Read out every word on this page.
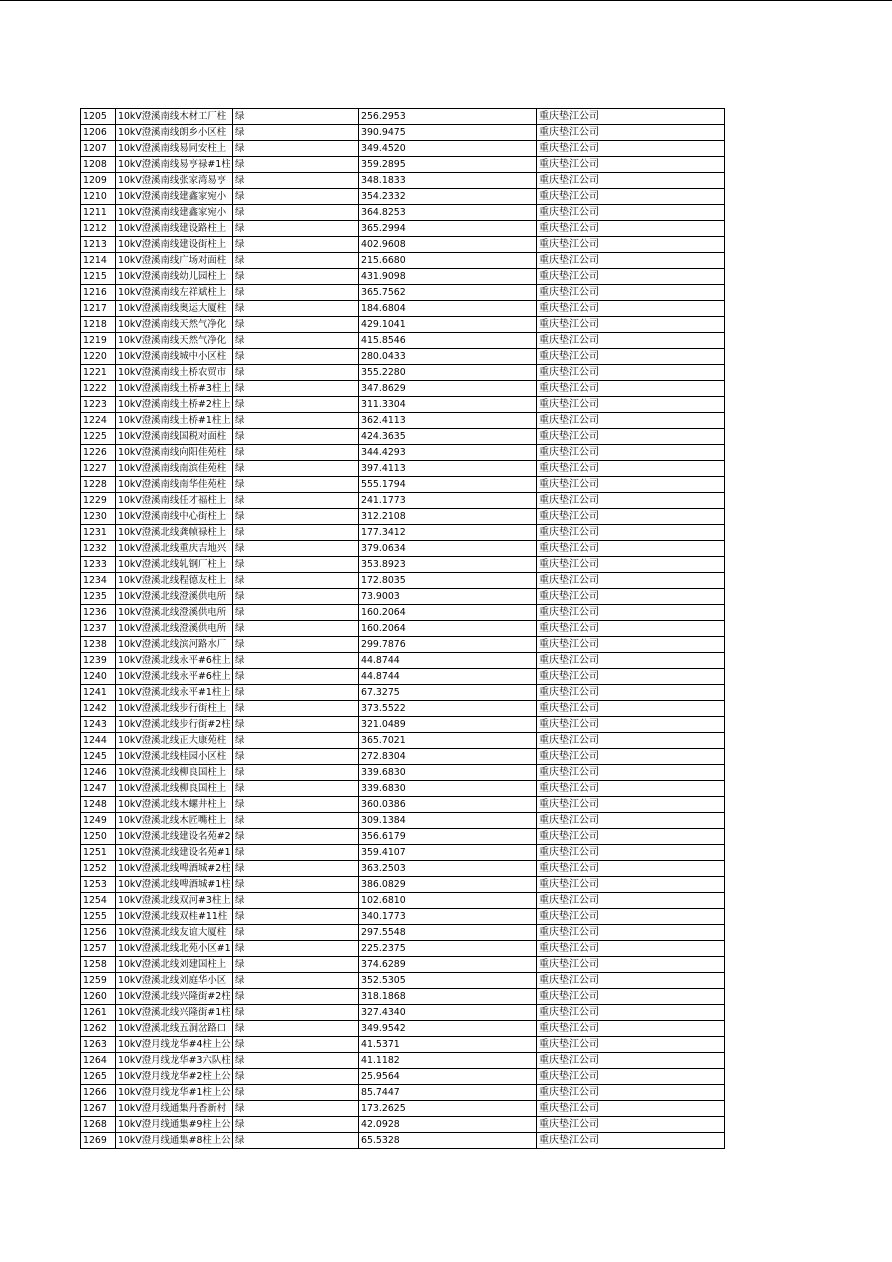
1205	10kV澄溪南线木材工厂柱	绿	256.2953	重庆垫江公司
1206	10kV澄溪南线朗乡小区柱	绿	390.9475	重庆垫江公司
1207	10kV澄溪南线易同安柱上	绿	349.4520	重庆垫江公司
1208	10kV澄溪南线易亨禄#1柱	绿	359.2895	重庆垫江公司
1209	10kV澄溪南线张家湾易亨	绿	348.1833	重庆垫江公司
1210	10kV澄溪南线建鑫家宛小	绿	354.2332	重庆垫江公司
1211	10kV澄溪南线建鑫家宛小	绿	364.8253	重庆垫江公司
1212	10kV澄溪南线建设路柱上	绿	365.2994	重庆垫江公司
1213	10kV澄溪南线建设街柱上	绿	402.9608	重庆垫江公司
1214	10kV澄溪南线广场对面柱	绿	215.6680	重庆垫江公司
1215	10kV澄溪南线幼儿园柱上	绿	431.9098	重庆垫江公司
1216	10kV澄溪南线左祥斌柱上	绿	365.7562	重庆垫江公司
1217	10kV澄溪南线奥运大厦柱	绿	184.6804	重庆垫江公司
1218	10kV澄溪南线天然气净化	绿	429.1041	重庆垫江公司
1219	10kV澄溪南线天然气净化	绿	415.8546	重庆垫江公司
1220	10kV澄溪南线城中小区柱	绿	280.0433	重庆垫江公司
1221	10kV澄溪南线土桥农贸市	绿	355.2280	重庆垫江公司
1222	10kV澄溪南线土桥#3柱上	绿	347.8629	重庆垫江公司
1223	10kV澄溪南线土桥#2柱上	绿	311.3304	重庆垫江公司
1224	10kV澄溪南线土桥#1柱上	绿	362.4113	重庆垫江公司
1225	10kV澄溪南线国税对面柱	绿	424.3635	重庆垫江公司
1226	10kV澄溪南线向阳佳苑柱	绿	344.4293	重庆垫江公司
1227	10kV澄溪南线南滨佳苑柱	绿	397.4113	重庆垫江公司
1228	10kV澄溪南线南华佳苑柱	绿	555.1794	重庆垫江公司
1229	10kV澄溪南线任才福柱上	绿	241.1773	重庆垫江公司
1230	10kV澄溪南线中心街柱上	绿	312.2108	重庆垫江公司
1231	10kV澄溪北线龚帧禄柱上	绿	177.3412	重庆垫江公司
1232	10kV澄溪北线重庆吉地兴	绿	379.0634	重庆垫江公司
1233	10kV澄溪北线轧钢厂柱上	绿	353.8923	重庆垫江公司
1234	10kV澄溪北线程德友柱上	绿	172.8035	重庆垫江公司
1235	10kV澄溪北线澄溪供电所	绿	73.9003	重庆垫江公司
1236	10kV澄溪北线澄溪供电所	绿	160.2064	重庆垫江公司
1237	10kV澄溪北线澄溪供电所	绿	160.2064	重庆垫江公司
1238	10kV澄溪北线滨河路水厂	绿	299.7876	重庆垫江公司
1239	10kV澄溪北线永平#6柱上	绿	44.8744	重庆垫江公司
1240	10kV澄溪北线永平#6柱上	绿	44.8744	重庆垫江公司
1241	10kV澄溪北线永平#1柱上	绿	67.3275	重庆垫江公司
1242	10kV澄溪北线步行街柱上	绿	373.5522	重庆垫江公司
1243	10kV澄溪北线步行街#2柱	绿	321.0489	重庆垫江公司
1244	10kV澄溪北线正大康苑柱	绿	365.7021	重庆垫江公司
1245	10kV澄溪北线桂园小区柱	绿	272.8304	重庆垫江公司
1246	10kV澄溪北线柳良国柱上	绿	339.6830	重庆垫江公司
1247	10kV澄溪北线柳良国柱上	绿	339.6830	重庆垫江公司
1248	10kV澄溪北线木螺井柱上	绿	360.0386	重庆垫江公司
1249	10kV澄溪北线木匠嘴柱上	绿	309.1384	重庆垫江公司
1250	10kV澄溪北线建设名苑#2	绿	356.6179	重庆垫江公司
1251	10kV澄溪北线建设名苑#1	绿	359.4107	重庆垫江公司
1252	10kV澄溪北线啤酒城#2柱	绿	363.2503	重庆垫江公司
1253	10kV澄溪北线啤酒城#1柱	绿	386.0829	重庆垫江公司
1254	10kV澄溪北线双河#3柱上	绿	102.6810	重庆垫江公司
1255	10kV澄溪北线双桂#11柱	绿	340.1773	重庆垫江公司
1256	10kV澄溪北线友谊大厦柱	绿	297.5548	重庆垫江公司
1257	10kV澄溪北线北苑小区#1	绿	225.2375	重庆垫江公司
1258	10kV澄溪北线刘建国柱上	绿	374.6289	重庆垫江公司
1259	10kV澄溪北线刘庭华小区	绿	352.5305	重庆垫江公司
1260	10kV澄溪北线兴隆街#2柱	绿	318.1868	重庆垫江公司
1261	10kV澄溪北线兴隆街#1柱	绿	327.4340	重庆垫江公司
1262	10kV澄溪北线五洞岔路口	绿	349.9542	重庆垫江公司
1263	10kV澄月线龙华#4柱上公	绿	41.5371	重庆垫江公司
1264	10kV澄月线龙华#3六队柱	绿	41.1182	重庆垫江公司
1265	10kV澄月线龙华#2柱上公	绿	25.9564	重庆垫江公司
1266	10kV澄月线龙华#1柱上公	绿	85.7447	重庆垫江公司
1267	10kV澄月线通集丹香新村	绿	173.2625	重庆垫江公司
1268	10kV澄月线通集#9柱上公	绿	42.0928	重庆垫江公司
1269	10kV澄月线通集#8柱上公	绿	65.5328	重庆垫江公司
